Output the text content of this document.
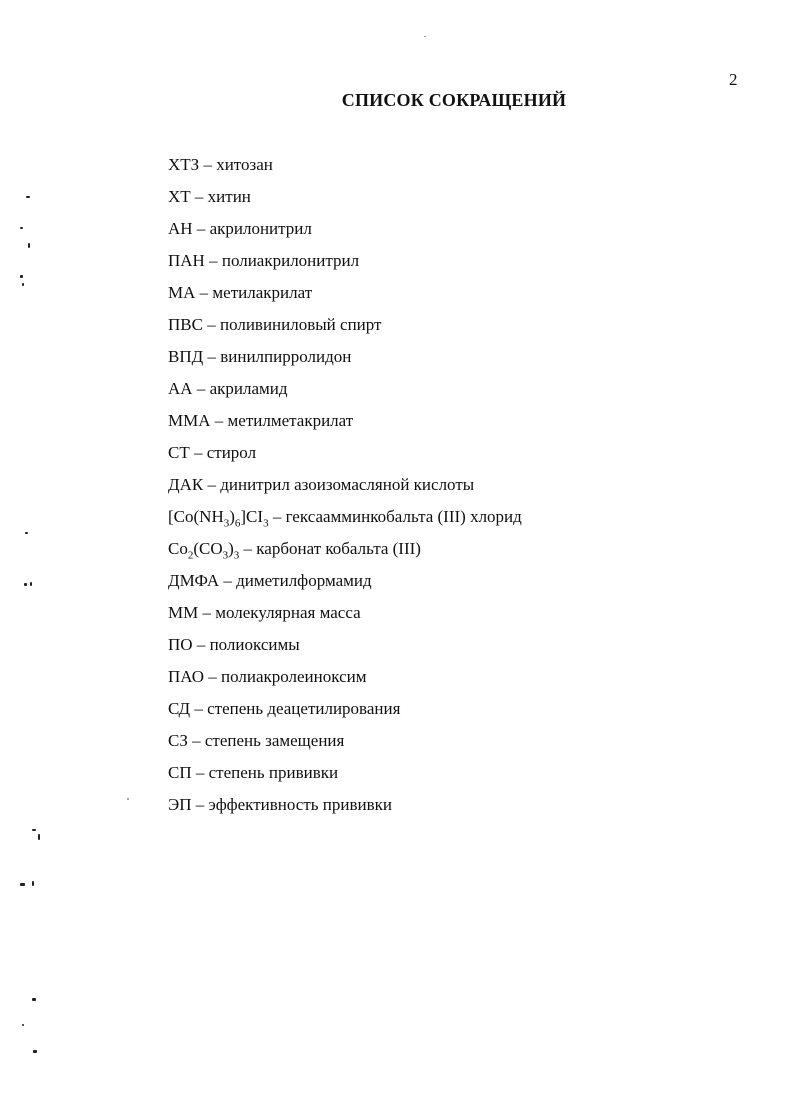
2
СПИСОК СОКРАЩЕНИЙ
ХТЗ – хитозан
ХТ – хитин
АН – акрилонитрил
ПАН – полиакрилонитрил
МА – метилакрилат
ПВС – поливиниловый спирт
ВПД – винилпирролидон
АА – акриламид
ММА – метилметакрилат
СТ – стирол
ДАК – динитрил азоизомасляной кислоты
$[Co(NH_3)_6]CI_3$ – гексаамминкобальта (III) хлорид
$Co_2(CO_3)_3$ – карбонат кобальта (III)
ДМФА – диметилформамид
ММ – молекулярная масса
ПО – полиоксимы
ПАО – полиакролеиноксим
СД – степень деацетилирования
СЗ – степень замещения
СП – степень прививки
ЭП – эффективность прививки
